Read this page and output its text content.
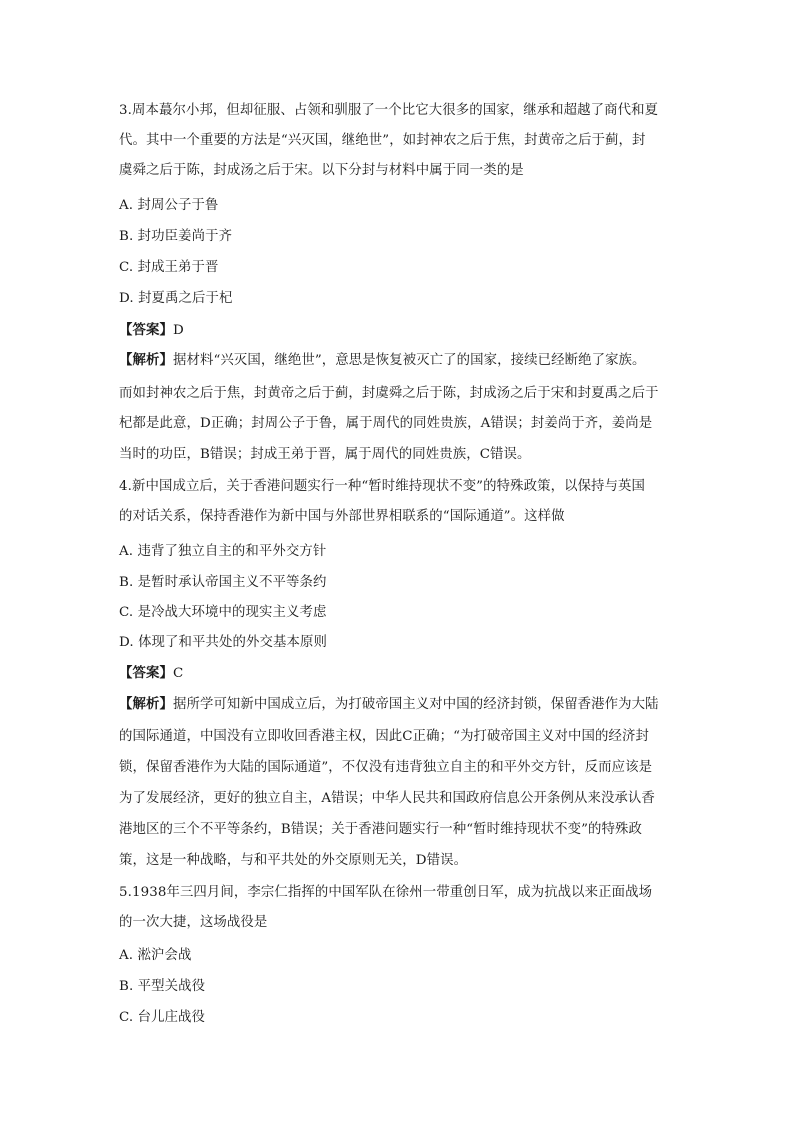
3.周本蕞尔小邦，但却征服、占领和驯服了一个比它大很多的国家，继承和超越了商代和夏
代。其中一个重要的方法是“兴灭国，继绝世”，如封神农之后于焦，封黄帝之后于蓟，封
虞舜之后于陈，封成汤之后于宋。以下分封与材料中属于同一类的是
A. 封周公子于鲁
B. 封功臣姜尚于齐
C. 封成王弟于晋
D. 封夏禹之后于杞
【答案】D
【解析】据材料“兴灭国，继绝世”，意思是恢复被灭亡了的国家，接续已经断绝了家族。
而如封神农之后于焦，封黄帝之后于蓟，封虞舜之后于陈，封成汤之后于宋和封夏禹之后于
杞都是此意，D正确；封周公子于鲁，属于周代的同姓贵族，A错误；封姜尚于齐，姜尚是
当时的功臣，B错误；封成王弟于晋，属于周代的同姓贵族，C错误。
4.新中国成立后，关于香港问题实行一种“暂时维持现状不变”的特殊政策，以保持与英国
的对话关系，保持香港作为新中国与外部世界相联系的“国际通道”。这样做
A. 违背了独立自主的和平外交方针
B. 是暂时承认帝国主义不平等条约
C. 是冷战大环境中的现实主义考虑
D. 体现了和平共处的外交基本原则
【答案】C
【解析】据所学可知新中国成立后，为打破帝国主义对中国的经济封锁，保留香港作为大陆
的国际通道，中国没有立即收回香港主权，因此C正确；“为打破帝国主义对中国的经济封
锁，保留香港作为大陆的国际通道”，不仅没有违背独立自主的和平外交方针，反而应该是
为了发展经济，更好的独立自主，A错误；中华人民共和国政府信息公开条例从来没承认香
港地区的三个不平等条约，B错误；关于香港问题实行一种“暂时维持现状不变”的特殊政
策，这是一种战略，与和平共处的外交原则无关，D错误。
5.1938年三四月间，李宗仁指挥的中国军队在徐州一带重创日军，成为抗战以来正面战场
的一次大捷，这场战役是
A. 淞沪会战
B. 平型关战役
C. 台儿庄战役
